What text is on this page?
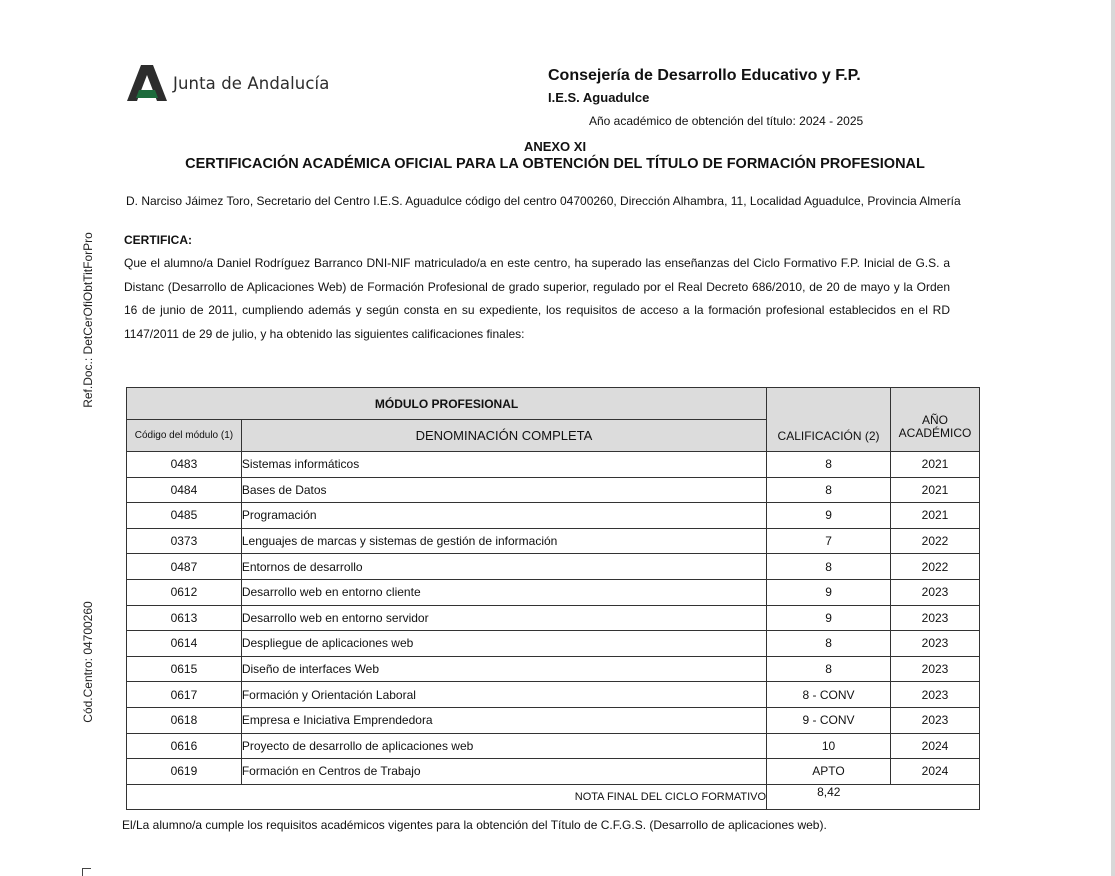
Ref.Doc.: DetCerOfiObtTitForPro
Cód.Centro: 04700260
Junta de Andalucía	Consejería de Desarrollo Educativo y F.P.
I.E.S. Aguadulce
Año académico de obtención del título: 2024 - 2025
ANEXO XI
CERTIFICACIÓN ACADÉMICA OFICIAL PARA LA OBTENCIÓN DEL TÍTULO DE FORMACIÓN PROFESIONAL
D. Narciso Jáimez Toro, Secretario del Centro I.E.S. Aguadulce código del centro 04700260, Dirección Alhambra, 11, Localidad Aguadulce, Provincia Almería
CERTIFICA:
Que el alumno/a Daniel Rodríguez Barranco DNI-NIF matriculado/a en este centro, ha superado las enseñanzas del Ciclo Formativo F.P. Inicial de G.S. a Distanc (Desarrollo de Aplicaciones Web) de Formación Profesional de grado superior, regulado por el Real Decreto 686/2010, de 20 de mayo y la Orden 16 de junio de 2011, cumpliendo además y según consta en su expediente, los requisitos de acceso a la formación profesional establecidos en el RD 1147/2011 de 29 de julio, y ha obtenido las siguientes calificaciones finales:
MÓDULO PROFESIONAL		CALIFICACIÓN (2)	AÑO ACADÉMICO
Código del módulo (1)	DENOMINACIÓN COMPLETA		
0483	Sistemas informáticos	8	2021
0484	Bases de Datos	8	2021
0485	Programación	9	2021
0373	Lenguajes de marcas y sistemas de gestión de información	7	2022
0487	Entornos de desarrollo	8	2022
0612	Desarrollo web en entorno cliente	9	2023
0613	Desarrollo web en entorno servidor	9	2023
0614	Despliegue de aplicaciones web	8	2023
0615	Diseño de interfaces Web	8	2023
0617	Formación y Orientación Laboral	8 - CONV	2023
0618	Empresa e Iniciativa Emprendedora	9 - CONV	2023
0616	Proyecto de desarrollo de aplicaciones web	10	2024
0619	Formación en Centros de Trabajo	APTO	2024
NOTA FINAL DEL CICLO FORMATIVO		8,42	
El/La alumno/a cumple los requisitos académicos vigentes para la obtención del Título de C.F.G.S. (Desarrollo de aplicaciones web).
